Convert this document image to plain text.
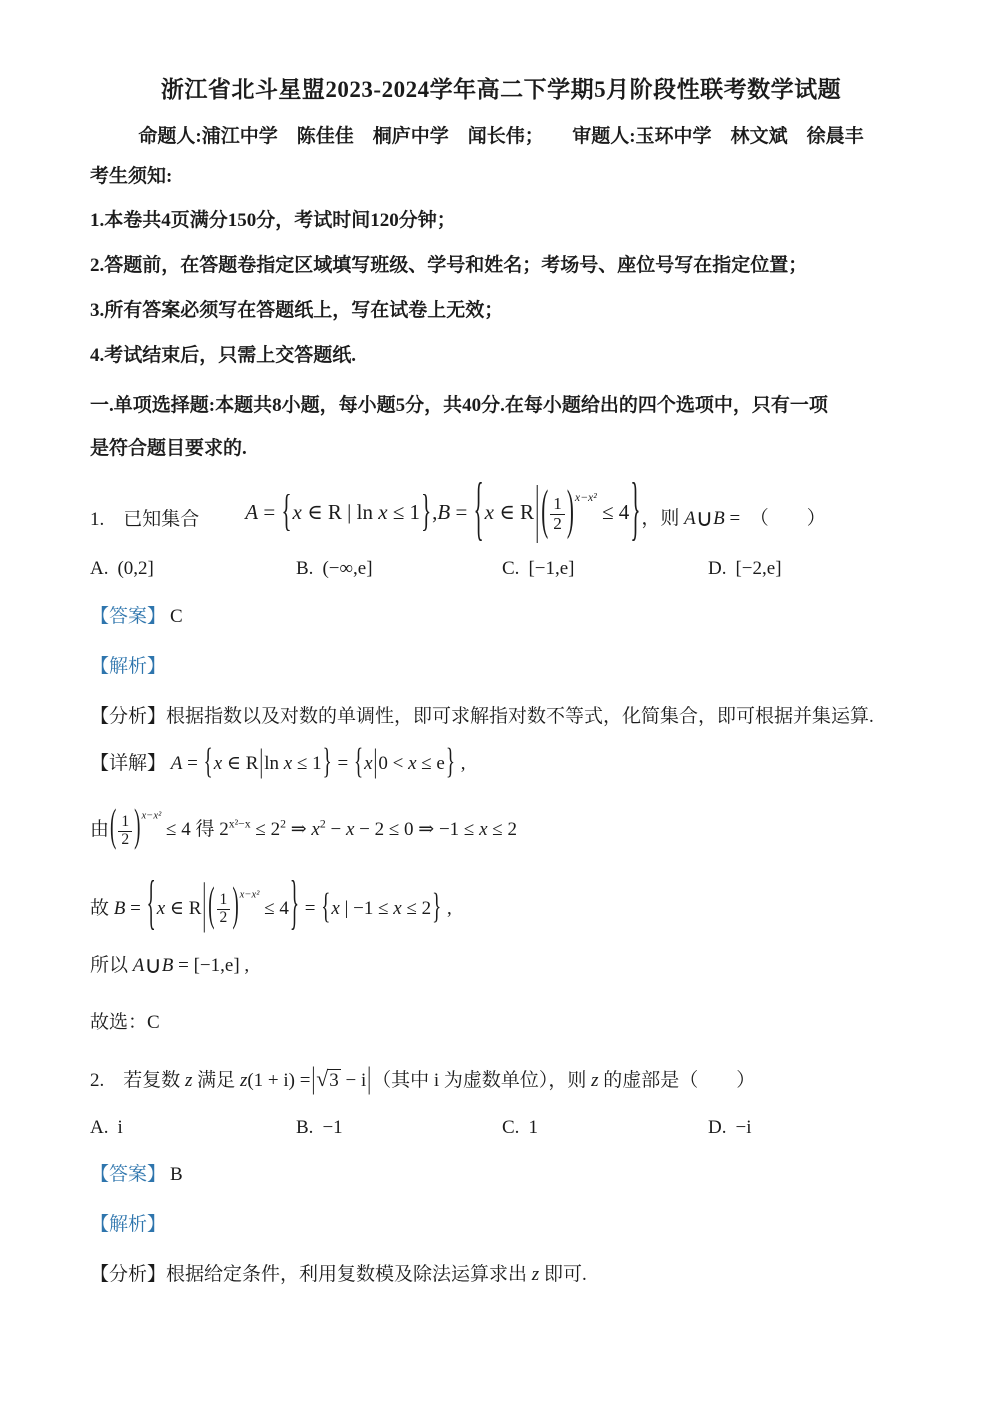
浙江省北斗星盟2023-2024学年高二下学期5月阶段性联考数学试题

命题人:浦江中学　陈佳佳　桐庐中学　闻长伟；　　审题人:玉环中学　林文斌　徐晨丰

考生须知:

1.本卷共4页满分150分，考试时间120分钟；

2.答题前，在答题卷指定区域填写班级、学号和姓名；考场号、座位号写在指定位置；

3.所有答案必须写在答题纸上，写在试卷上无效；

4.考试结束后，只需上交答题纸.

一.单项选择题:本题共8小题，每小题5分，共40分.在每小题给出的四个选项中，只有一项

是符合题目要求的.

1.　已知集合 A = {x ∈ R | ln x ≤ 1},B = {x ∈ $R|( \frac{1}{2} )^{x-x^2} \le 4$} ，则 A∪B =　（　　）
A. (0,2]	B. (−∞,e]	C. [−1,e]	D. [−2,e]

【答案】 C

【解析】

【分析】根据指数以及对数的单调性，即可求解指对数不等式，化简集合，即可根据并集运算.

【详解】 A = {x ∈ R|ln x ≤ 1} = {x|0 < x ≤ e} ,

由( $\frac{1}{2} )^{x-x^2} \le 4$ 得 $2^{x^2-x} \le 2^2$ ⇒ $x^2 - x - 2 \le 0$ ⇒ −1 ≤ x ≤ 2

故 B = {x ∈ R| ( $\frac{1}{2} )^{x-x^2} \le 4\} = \{x$ | −1 ≤ x ≤ 2} ,

所以 A∪B = [−1,e] ,

故选：C

2.　若复数 z 满足 z(1 + i) =|√3 − i|（其中 i 为虚数单位），则 z 的虚部是（　　）

A. i	B. −1	C. 1	D. −i

【答案】 B

【解析】

【分析】根据给定条件，利用复数模及除法运算求出 z 即可.
